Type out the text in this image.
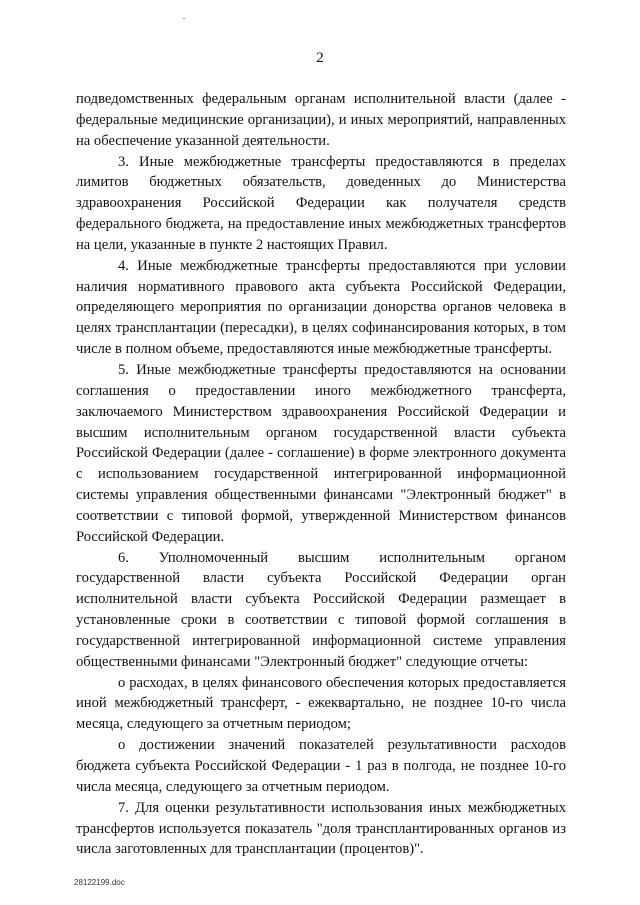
2

подведомственных федеральным органам исполнительной власти (далее - федеральные медицинские организации), и иных мероприятий, направленных на обеспечение указанной деятельности.

3. Иные межбюджетные трансферты предоставляются в пределах лимитов бюджетных обязательств, доведенных до Министерства здравоохранения Российской Федерации как получателя средств федерального бюджета, на предоставление иных межбюджетных трансфертов на цели, указанные в пункте 2 настоящих Правил.

4. Иные межбюджетные трансферты предоставляются при условии наличия нормативного правового акта субъекта Российской Федерации, определяющего мероприятия по организации донорства органов человека в целях трансплантации (пересадки), в целях софинансирования которых, в том числе в полном объеме, предоставляются иные межбюджетные трансферты.

5. Иные межбюджетные трансферты предоставляются на основании соглашения о предоставлении иного межбюджетного трансферта, заключаемого Министерством здравоохранения Российской Федерации и высшим исполнительным органом государственной власти субъекта Российской Федерации (далее - соглашение) в форме электронного документа с использованием государственной интегрированной информационной системы управления общественными финансами "Электронный бюджет" в соответствии с типовой формой, утвержденной Министерством финансов Российской Федерации.

6. Уполномоченный высшим исполнительным органом государственной власти субъекта Российской Федерации орган исполнительной власти субъекта Российской Федерации размещает в установленные сроки в соответствии с типовой формой соглашения в государственной интегрированной информационной системе управления общественными финансами "Электронный бюджет" следующие отчеты:

о расходах, в целях финансового обеспечения которых предоставляется иной межбюджетный трансферт, - ежеквартально, не позднее 10-го числа месяца, следующего за отчетным периодом;

о достижении значений показателей результативности расходов бюджета субъекта Российской Федерации - 1 раз в полгода, не позднее 10-го числа месяца, следующего за отчетным периодом.

7. Для оценки результативности использования иных межбюджетных трансфертов используется показатель "доля трансплантированных органов из числа заготовленных для трансплантации (процентов)".

28122199.doc
